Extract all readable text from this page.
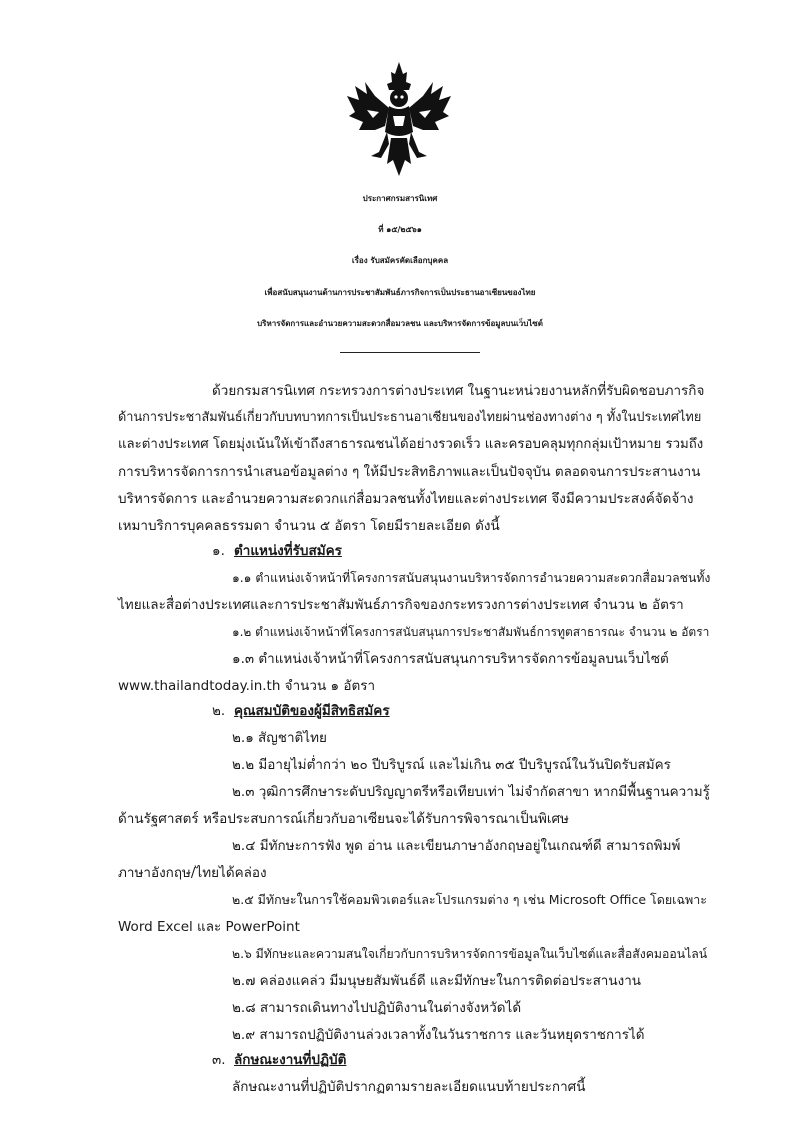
ประกาศกรมสารนิเทศ
ที่ ๑๕/๒๕๖๑
เรื่อง รับสมัครคัดเลือกบุคคล
เพื่อสนับสนุนงานด้านการประชาสัมพันธ์ภารกิจการเป็นประธานอาเซียนของไทย
บริหารจัดการและอำนวยความสะดวกสื่อมวลชน และบริหารจัดการข้อมูลบนเว็บไซต์
ด้วยกรมสารนิเทศ กระทรวงการต่างประเทศ ในฐานะหน่วยงานหลักที่รับผิดชอบภารกิจ
ด้านการประชาสัมพันธ์เกี่ยวกับบทบาทการเป็นประธานอาเซียนของไทยผ่านช่องทางต่าง ๆ ทั้งในประเทศไทย
และต่างประเทศ โดยมุ่งเน้นให้เข้าถึงสาธารณชนได้อย่างรวดเร็ว และครอบคลุมทุกกลุ่มเป้าหมาย รวมถึง
การบริหารจัดการการนำเสนอข้อมูลต่าง ๆ ให้มีประสิทธิภาพและเป็นปัจจุบัน ตลอดจนการประสานงาน
บริหารจัดการ และอำนวยความสะดวกแก่สื่อมวลชนทั้งไทยและต่างประเทศ จึงมีความประสงค์จัดจ้าง
เหมาบริการบุคคลธรรมดา จำนวน ๕ อัตรา โดยมีรายละเอียด ดังนี้
๑. ตำแหน่งที่รับสมัคร
๑.๑ ตำแหน่งเจ้าหน้าที่โครงการสนับสนุนงานบริหารจัดการอำนวยความสะดวกสื่อมวลชนทั้ง
ไทยและสื่อต่างประเทศและการประชาสัมพันธ์ภารกิจของกระทรวงการต่างประเทศ จำนวน ๒ อัตรา
๑.๒ ตำแหน่งเจ้าหน้าที่โครงการสนับสนุนการประชาสัมพันธ์การทูตสาธารณะ จำนวน ๒ อัตรา
๑.๓ ตำแหน่งเจ้าหน้าที่โครงการสนับสนุนการบริหารจัดการข้อมูลบนเว็บไซต์
www.thailandtoday.in.th จำนวน ๑ อัตรา
๒. คุณสมบัติของผู้มีสิทธิสมัคร
๒.๑ สัญชาติไทย
๒.๒ มีอายุไม่ต่ำกว่า ๒๐ ปีบริบูรณ์ และไม่เกิน ๓๕ ปีบริบูรณ์ในวันปิดรับสมัคร
๒.๓ วุฒิการศึกษาระดับปริญญาตรีหรือเทียบเท่า ไม่จำกัดสาขา หากมีพื้นฐานความรู้
ด้านรัฐศาสตร์ หรือประสบการณ์เกี่ยวกับอาเซียนจะได้รับการพิจารณาเป็นพิเศษ
๒.๔ มีทักษะการฟัง พูด อ่าน และเขียนภาษาอังกฤษอยู่ในเกณฑ์ดี สามารถพิมพ์
ภาษาอังกฤษ/ไทยได้คล่อง
๒.๕ มีทักษะในการใช้คอมพิวเตอร์และโปรแกรมต่าง ๆ เช่น Microsoft Office โดยเฉพาะ
Word Excel และ PowerPoint
๒.๖ มีทักษะและความสนใจเกี่ยวกับการบริหารจัดการข้อมูลในเว็บไซต์และสื่อสังคมออนไลน์
๒.๗ คล่องแคล่ว มีมนุษยสัมพันธ์ดี และมีทักษะในการติดต่อประสานงาน
๒.๘ สามารถเดินทางไปปฏิบัติงานในต่างจังหวัดได้
๒.๙ สามารถปฏิบัติงานล่วงเวลาทั้งในวันราชการ และวันหยุดราชการได้
๓. ลักษณะงานที่ปฏิบัติ
ลักษณะงานที่ปฏิบัติปรากฏตามรายละเอียดแนบท้ายประกาศนี้
